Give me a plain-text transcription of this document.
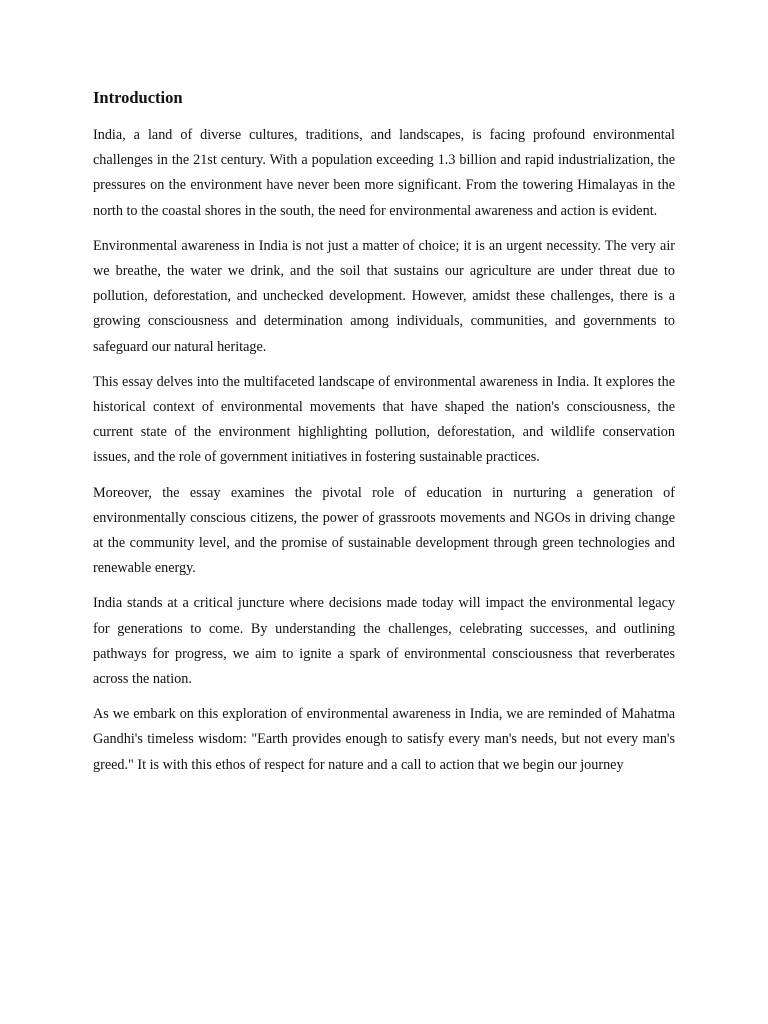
Introduction

India, a land of diverse cultures, traditions, and landscapes, is facing profound environmental challenges in the 21st century. With a population exceeding 1.3 billion and rapid industrialization, the pressures on the environment have never been more significant. From the towering Himalayas in the north to the coastal shores in the south, the need for environmental awareness and action is evident.

Environmental awareness in India is not just a matter of choice; it is an urgent necessity. The very air we breathe, the water we drink, and the soil that sustains our agriculture are under threat due to pollution, deforestation, and unchecked development. However, amidst these challenges, there is a growing consciousness and determination among individuals, communities, and governments to safeguard our natural heritage.

This essay delves into the multifaceted landscape of environmental awareness in India. It explores the historical context of environmental movements that have shaped the nation's consciousness, the current state of the environment highlighting pollution, deforestation, and wildlife conservation issues, and the role of government initiatives in fostering sustainable practices.

Moreover, the essay examines the pivotal role of education in nurturing a generation of environmentally conscious citizens, the power of grassroots movements and NGOs in driving change at the community level, and the promise of sustainable development through green technologies and renewable energy.

India stands at a critical juncture where decisions made today will impact the environmental legacy for generations to come. By understanding the challenges, celebrating successes, and outlining pathways for progress, we aim to ignite a spark of environmental consciousness that reverberates across the nation.

As we embark on this exploration of environmental awareness in India, we are reminded of Mahatma Gandhi's timeless wisdom: "Earth provides enough to satisfy every man's needs, but not every man's greed." It is with this ethos of respect for nature and a call to action that we begin our journey
